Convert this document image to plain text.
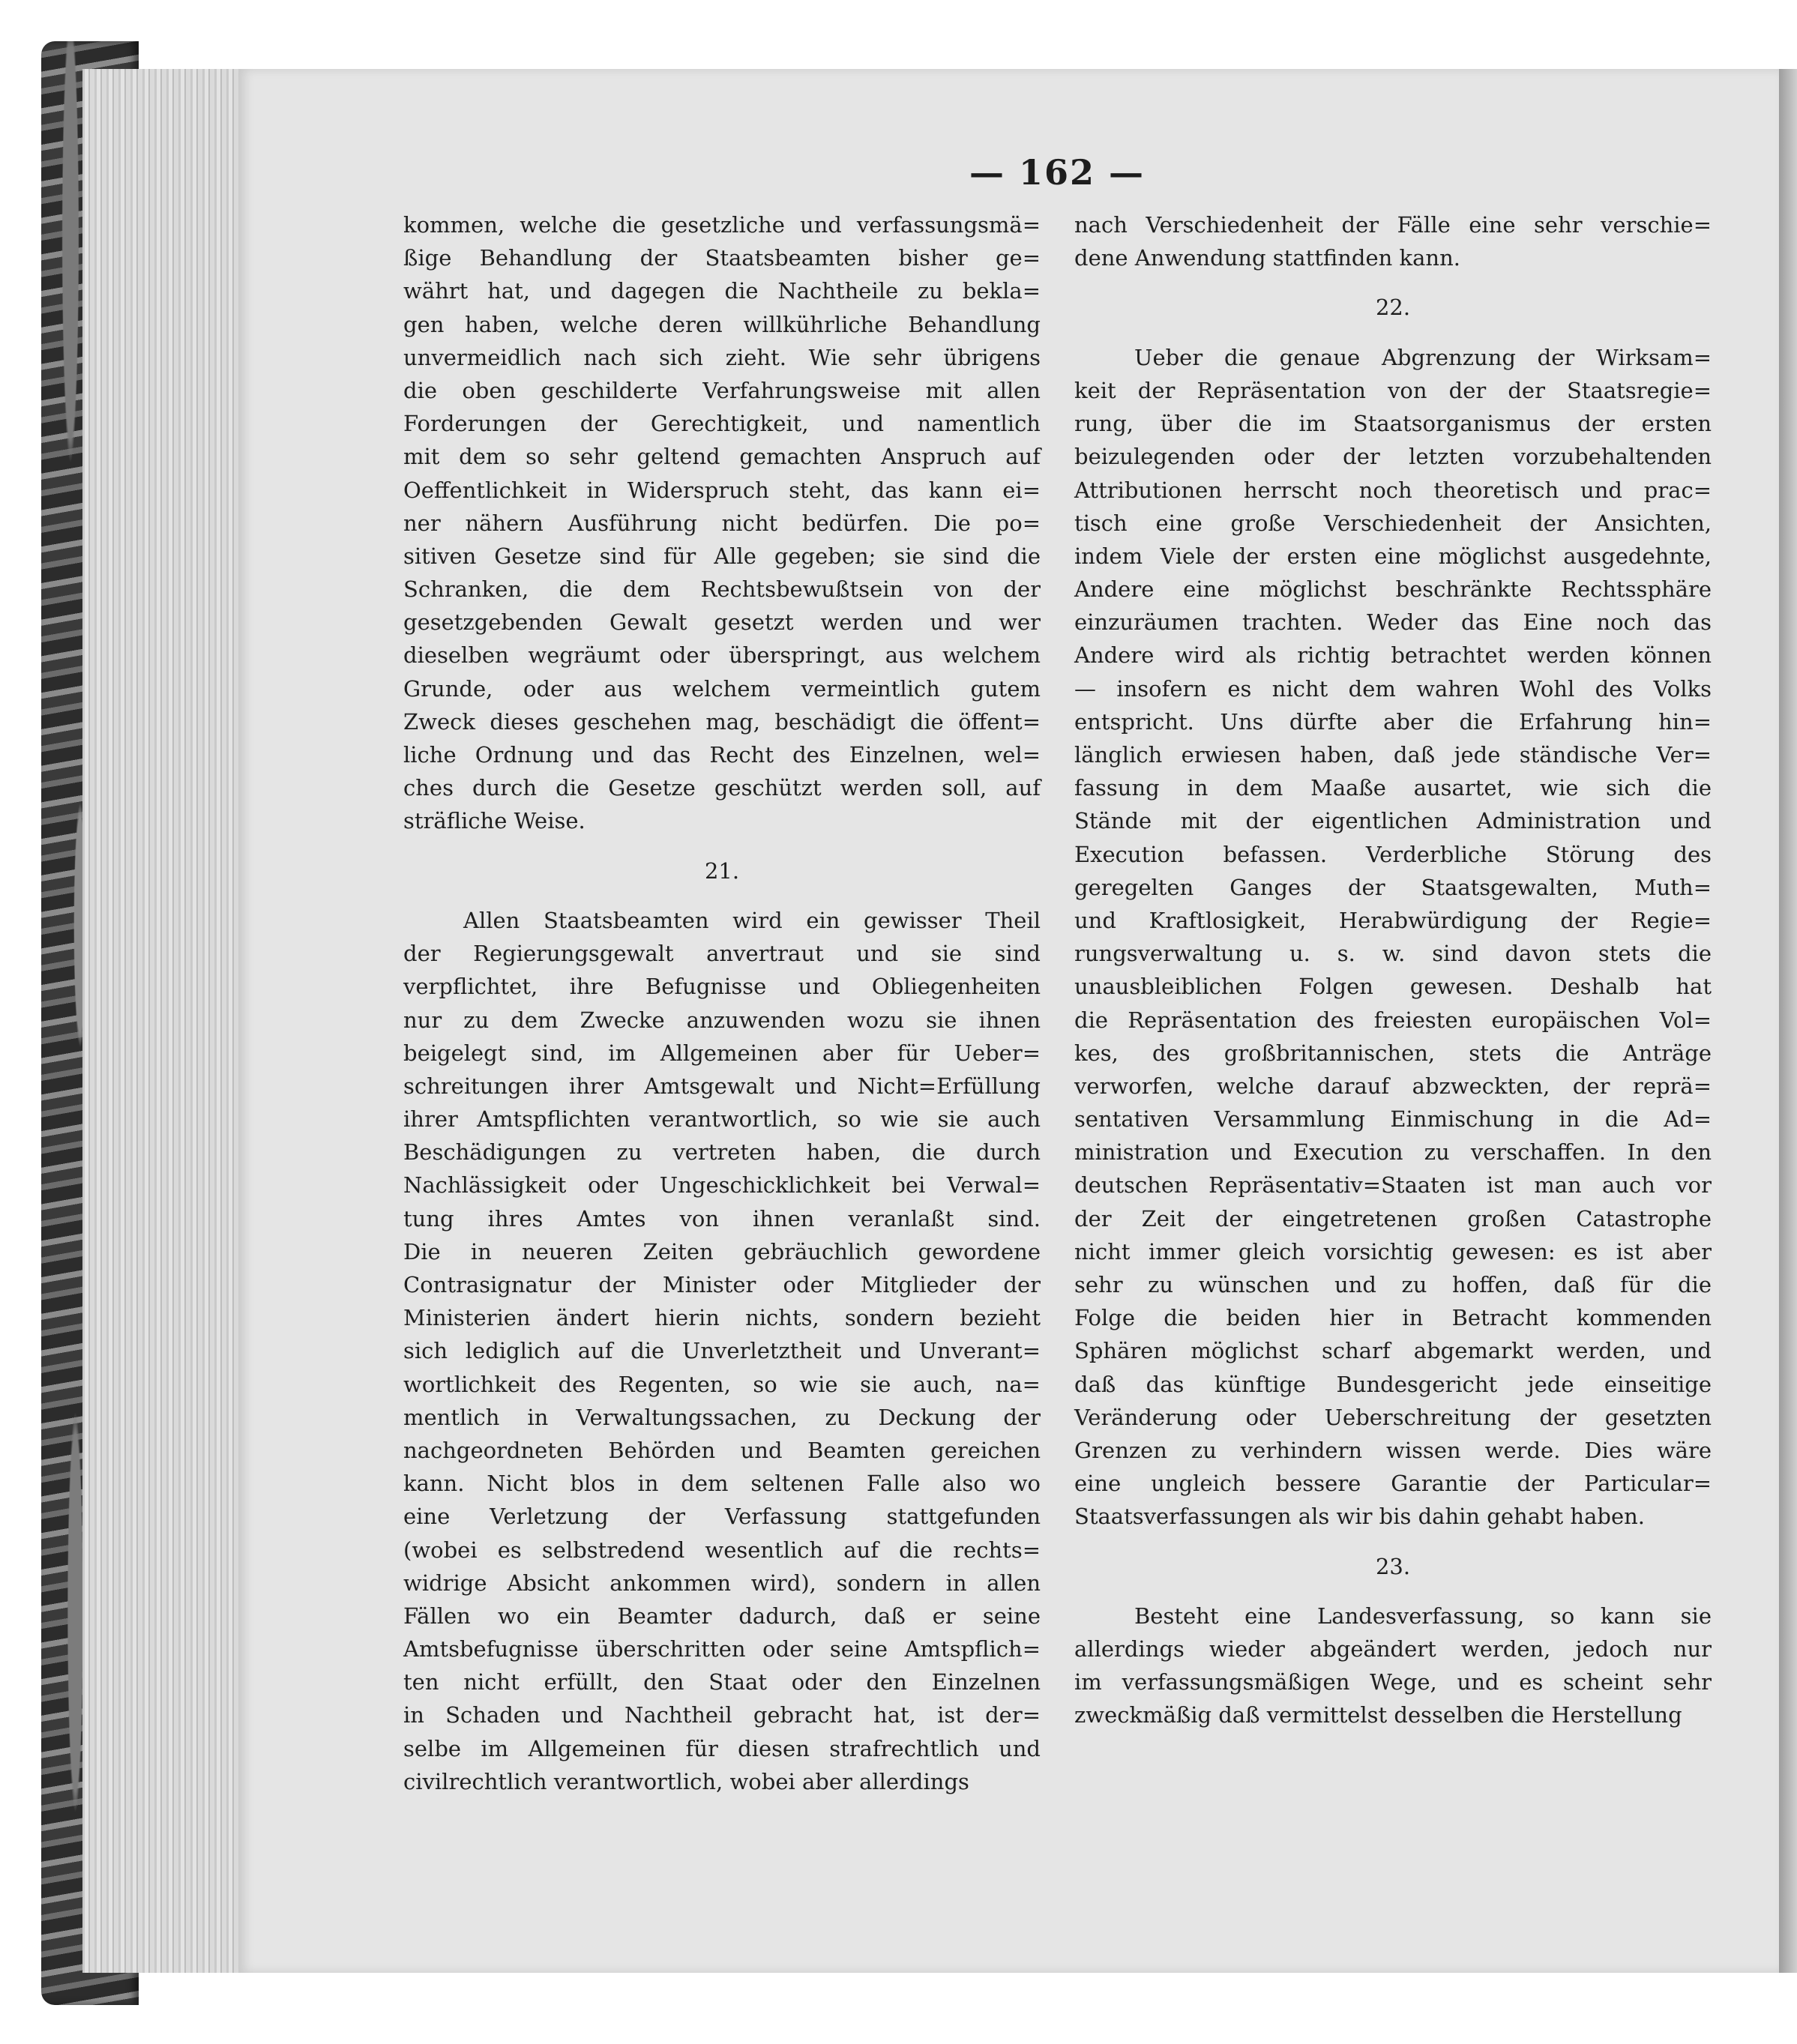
— 162 —
kommen, welche die gesetzliche und verfassungsmä=
ßige Behandlung der Staatsbeamten bisher ge=
währt hat, und dagegen die Nachtheile zu bekla=
gen haben, welche deren willkührliche Behandlung
unvermeidlich nach sich zieht. Wie sehr übrigens
die oben geschilderte Verfahrungsweise mit allen
Forderungen der Gerechtigkeit, und namentlich
mit dem so sehr geltend gemachten Anspruch auf
Oeffentlichkeit in Widerspruch steht, das kann ei=
ner nähern Ausführung nicht bedürfen. Die po=
sitiven Gesetze sind für Alle gegeben; sie sind die
Schranken, die dem Rechtsbewußtsein von der
gesetzgebenden Gewalt gesetzt werden und wer
dieselben wegräumt oder überspringt, aus welchem
Grunde, oder aus welchem vermeintlich gutem
Zweck dieses geschehen mag, beschädigt die öffent=
liche Ordnung und das Recht des Einzelnen, wel=
ches durch die Gesetze geschützt werden soll, auf
sträfliche Weise.
21.
Allen Staatsbeamten wird ein gewisser Theil
der Regierungsgewalt anvertraut und sie sind
verpflichtet, ihre Befugnisse und Obliegenheiten
nur zu dem Zwecke anzuwenden wozu sie ihnen
beigelegt sind, im Allgemeinen aber für Ueber=
schreitungen ihrer Amtsgewalt und Nicht=Erfüllung
ihrer Amtspflichten verantwortlich, so wie sie auch
Beschädigungen zu vertreten haben, die durch
Nachlässigkeit oder Ungeschicklichkeit bei Verwal=
tung ihres Amtes von ihnen veranlaßt sind.
Die in neueren Zeiten gebräuchlich gewordene
Contrasignatur der Minister oder Mitglieder der
Ministerien ändert hierin nichts, sondern bezieht
sich lediglich auf die Unverletztheit und Unverant=
wortlichkeit des Regenten, so wie sie auch, na=
mentlich in Verwaltungssachen, zu Deckung der
nachgeordneten Behörden und Beamten gereichen
kann. Nicht blos in dem seltenen Falle also wo
eine Verletzung der Verfassung stattgefunden
(wobei es selbstredend wesentlich auf die rechts=
widrige Absicht ankommen wird), sondern in allen
Fällen wo ein Beamter dadurch, daß er seine
Amtsbefugnisse überschritten oder seine Amtspflich=
ten nicht erfüllt, den Staat oder den Einzelnen
in Schaden und Nachtheil gebracht hat, ist der=
selbe im Allgemeinen für diesen strafrechtlich und
civilrechtlich verantwortlich, wobei aber allerdings
nach Verschiedenheit der Fälle eine sehr verschie=
dene Anwendung stattfinden kann.
22.
Ueber die genaue Abgrenzung der Wirksam=
keit der Repräsentation von der der Staatsregie=
rung, über die im Staatsorganismus der ersten
beizulegenden oder der letzten vorzubehaltenden
Attributionen herrscht noch theoretisch und prac=
tisch eine große Verschiedenheit der Ansichten,
indem Viele der ersten eine möglichst ausgedehnte,
Andere eine möglichst beschränkte Rechtssphäre
einzuräumen trachten. Weder das Eine noch das
Andere wird als richtig betrachtet werden können
— insofern es nicht dem wahren Wohl des Volks
entspricht. Uns dürfte aber die Erfahrung hin=
länglich erwiesen haben, daß jede ständische Ver=
fassung in dem Maaße ausartet, wie sich die
Stände mit der eigentlichen Administration und
Execution befassen. Verderbliche Störung des
geregelten Ganges der Staatsgewalten, Muth=
und Kraftlosigkeit, Herabwürdigung der Regie=
rungsverwaltung u. s. w. sind davon stets die
unausbleiblichen Folgen gewesen. Deshalb hat
die Repräsentation des freiesten europäischen Vol=
kes, des großbritannischen, stets die Anträge
verworfen, welche darauf abzweckten, der reprä=
sentativen Versammlung Einmischung in die Ad=
ministration und Execution zu verschaffen. In den
deutschen Repräsentativ=Staaten ist man auch vor
der Zeit der eingetretenen großen Catastrophe
nicht immer gleich vorsichtig gewesen: es ist aber
sehr zu wünschen und zu hoffen, daß für die
Folge die beiden hier in Betracht kommenden
Sphären möglichst scharf abgemarkt werden, und
daß das künftige Bundesgericht jede einseitige
Veränderung oder Ueberschreitung der gesetzten
Grenzen zu verhindern wissen werde. Dies wäre
eine ungleich bessere Garantie der Particular=
Staatsverfassungen als wir bis dahin gehabt haben.
23.
Besteht eine Landesverfassung, so kann sie
allerdings wieder abgeändert werden, jedoch nur
im verfassungsmäßigen Wege, und es scheint sehr
zweckmäßig daß vermittelst desselben die Herstellung
